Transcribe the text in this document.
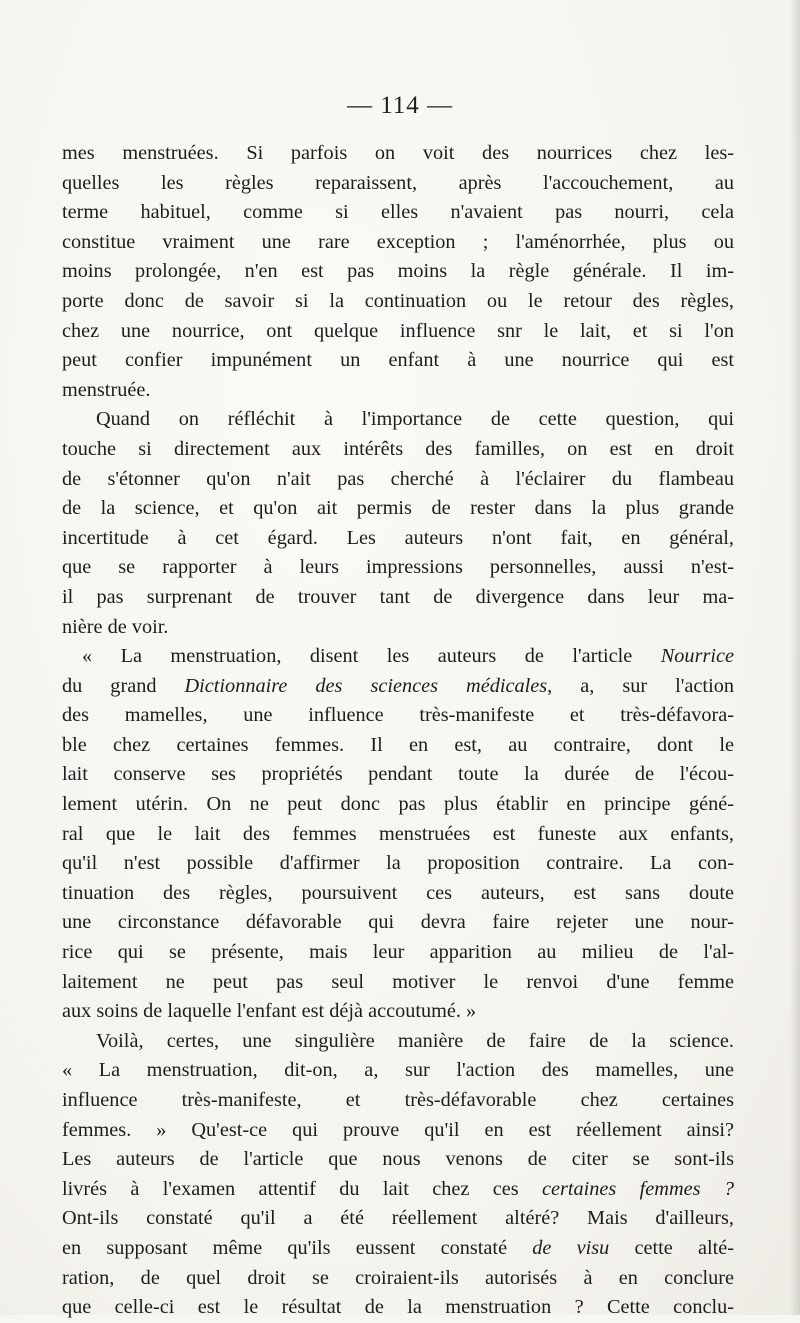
— 114 —
mes menstruées. Si parfois on voit des nourrices chez les-
quelles les règles reparaissent, après l'accouchement, au
terme habituel, comme si elles n'avaient pas nourri, cela
constitue vraiment une rare exception ; l'aménorrhée, plus ou
moins prolongée, n'en est pas moins la règle générale. Il im-
porte donc de savoir si la continuation ou le retour des règles,
chez une nourrice, ont quelque influence snr le lait, et si l'on
peut confier impunément un enfant à une nourrice qui est
menstruée.
Quand on réfléchit à l'importance de cette question, qui
touche si directement aux intérêts des familles, on est en droit
de s'étonner qu'on n'ait pas cherché à l'éclairer du flambeau
de la science, et qu'on ait permis de rester dans la plus grande
incertitude à cet égard. Les auteurs n'ont fait, en général,
que se rapporter à leurs impressions personnelles, aussi n'est-
il pas surprenant de trouver tant de divergence dans leur ma-
nière de voir.
« La menstruation, disent les auteurs de l'article Nourrice
du grand Dictionnaire des sciences médicales, a, sur l'action
des mamelles, une influence très-manifeste et très-défavora-
ble chez certaines femmes. Il en est, au contraire, dont le
lait conserve ses propriétés pendant toute la durée de l'écou-
lement utérin. On ne peut donc pas plus établir en principe géné-
ral que le lait des femmes menstruées est funeste aux enfants,
qu'il n'est possible d'affirmer la proposition contraire. La con-
tinuation des règles, poursuivent ces auteurs, est sans doute
une circonstance défavorable qui devra faire rejeter une nour-
rice qui se présente, mais leur apparition au milieu de l'al-
laitement ne peut pas seul motiver le renvoi d'une femme
aux soins de laquelle l'enfant est déjà accoutumé. »
Voilà, certes, une singulière manière de faire de la science.
« La menstruation, dit-on, a, sur l'action des mamelles, une
influence très-manifeste, et très-défavorable chez certaines
femmes. » Qu'est-ce qui prouve qu'il en est réellement ainsi?
Les auteurs de l'article que nous venons de citer se sont-ils
livrés à l'examen attentif du lait chez ces certaines femmes ?
Ont-ils constaté qu'il a été réellement altéré? Mais d'ailleurs,
en supposant même qu'ils eussent constaté de visu cette alté-
ration, de quel droit se croiraient-ils autorisés à en conclure
que celle-ci est le résultat de la menstruation ? Cette conclu-
